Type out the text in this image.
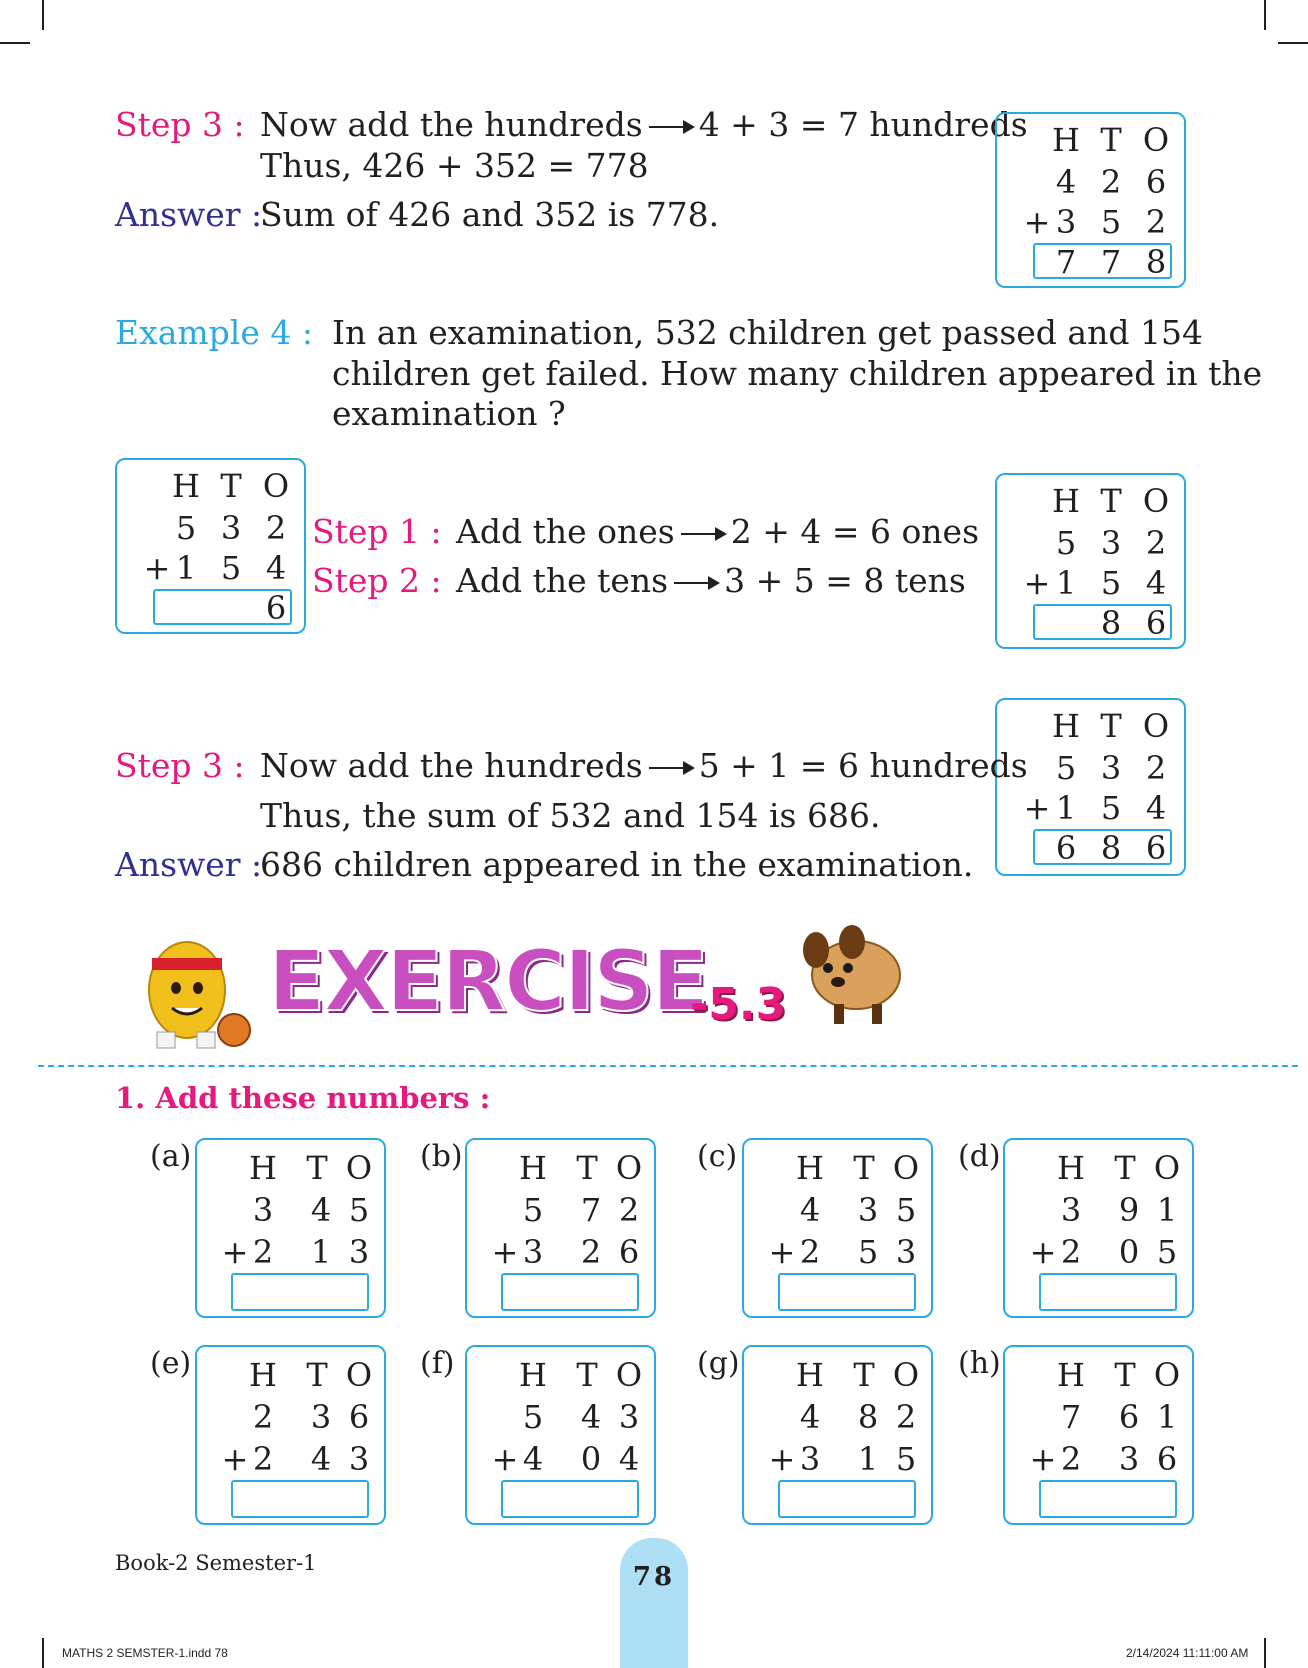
Step 3 : Now add the hundreds 4 + 3 = 7 hundreds
Thus, 426 + 352 = 778
Answer :
Sum of 426 and 352 is 778.
H T O
4 2 6
+ 3 5 2
7 7 8
Example 4 : In an examination, 532 children get passed and 154
children get failed. How many children appeared in the
examination ?
H T O
5 3 2
+ 1 5 4
6
Step 1 : Add the ones 2 + 4 = 6 ones
Step 2 : Add the tens 3 + 5 = 8 tens
H T O
5 3 2
+ 1 5 4
8 6
H T O
5 3 2
+ 1 5 4
6 8 6
Step 3 : Now add the hundreds 5 + 1 = 6 hundreds
Thus, the sum of 532 and 154 is 686.
Answer :
686 children appeared in the examination.
EXERCISE
-5.3
1. Add these numbers :
(a) H T O
3 4 5
+ 2 1 3
(b) H T O
5 7 2
+ 3 2 6
(c) H T O
4 3 5
+ 2 5 3
(d) H T O
3 9 1
+ 2 0 5
(e) H T O
2 3 6
+ 2 4 3
(f) H T O
5 4 3
+ 4 0 4
(g) H T O
4 8 2
+ 3 1 5
(h) H T O
7 6 1
+ 2 3 6
Book-2 Semester-1	78
MATHS 2 SEMSTER-1.indd 78	2/14/2024 11:11:00 AM
